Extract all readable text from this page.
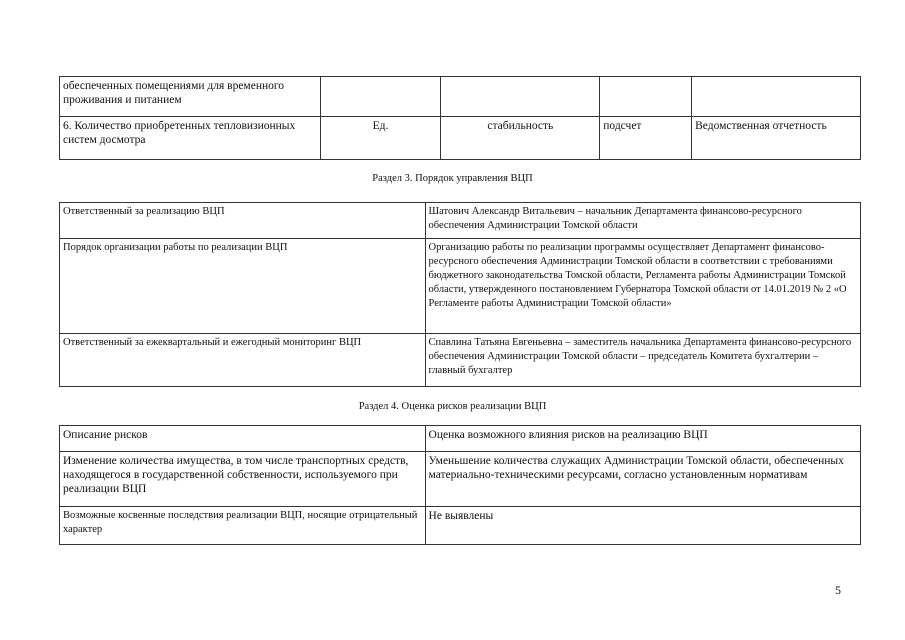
обеспеченных помещениями для временного проживания и питанием				
6. Количество приобретенных тепловизионных систем досмотра	Ед.	стабильность	подсчет	Ведомственная отчетность
Раздел 3. Порядок управления ВЦП
Ответственный за реализацию ВЦП	Шатович Александр Витальевич – начальник Департамента финансово-ресурсного обеспечения Администрации Томской области
Порядок организации работы по реализации ВЦП	Организацию работы по реализации программы осуществляет Департамент финансово-ресурсного обеспечения Администрации Томской области в соответствии с требованиями бюджетного законодательства Томской области, Регламента работы Администрации Томской области, утвержденного постановлением Губернатора Томской области от 14.01.2019 № 2 «О Регламенте работы Администрации Томской области»
Ответственный за ежеквартальный и ежегодный мониторинг ВЦП	Спавлина Татьяна Евгеньевна – заместитель начальника Департамента финансово-ресурсного обеспечения Администрации Томской области – председатель Комитета бухгалтерии – главный бухгалтер
Раздел 4. Оценка рисков реализации ВЦП
Описание рисков	Оценка возможного влияния рисков на реализацию ВЦП
Изменение количества имущества, в том числе транспортных средств, находящегося в государственной собственности, используемого при реализации ВЦП	Уменьшение количества служащих Администрации Томской области, обеспеченных материально-техническими ресурсами, согласно установленным нормативам
Возможные косвенные последствия реализации ВЦП, носящие отрицательный характер	Не выявлены
5
